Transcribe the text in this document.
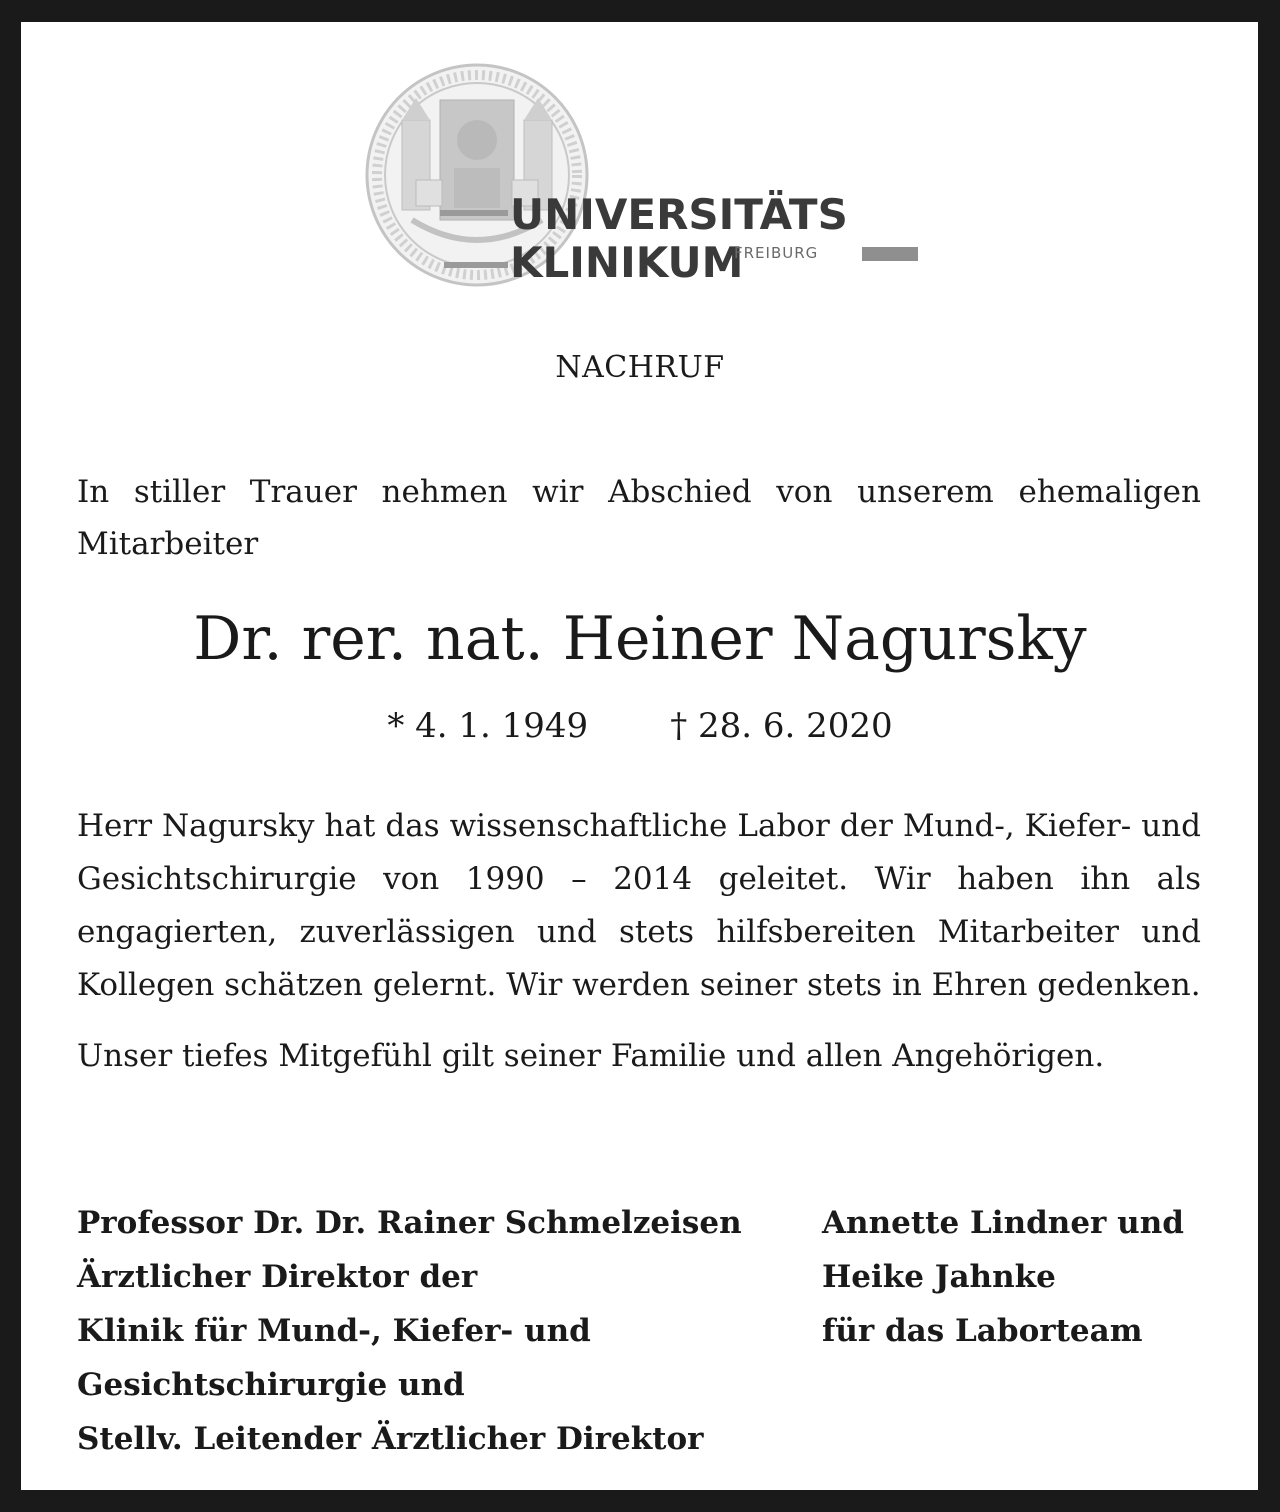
UNIVERSITÄTS
KLINIKUM
FREIBURG
NACHRUF
In stiller Trauer nehmen wir Abschied von unserem ehemaligen
Mitarbeiter
Dr. rer. nat. Heiner Nagursky
* 4. 1. 1949 † 28. 6. 2020

Herr Nagursky hat das wissenschaftliche Labor der Mund-, Kiefer- und Gesichtschirurgie von 1990 – 2014 geleitet. Wir haben ihn als engagierten, zuverlässigen und stets hilfsbereiten Mitarbeiter und Kollegen schätzen gelernt. Wir werden seiner stets in Ehren gedenken.

Unser tiefes Mitgefühl gilt seiner Familie und allen Angehörigen.

Professor Dr. Dr. Rainer Schmelzeisen
Ärztlicher Direktor der
Klinik für Mund-, Kiefer- und
Gesichtschirurgie und
Stellv. Leitender Ärztlicher Direktor
Annette Lindner und
Heike Jahnke
für das Laborteam
